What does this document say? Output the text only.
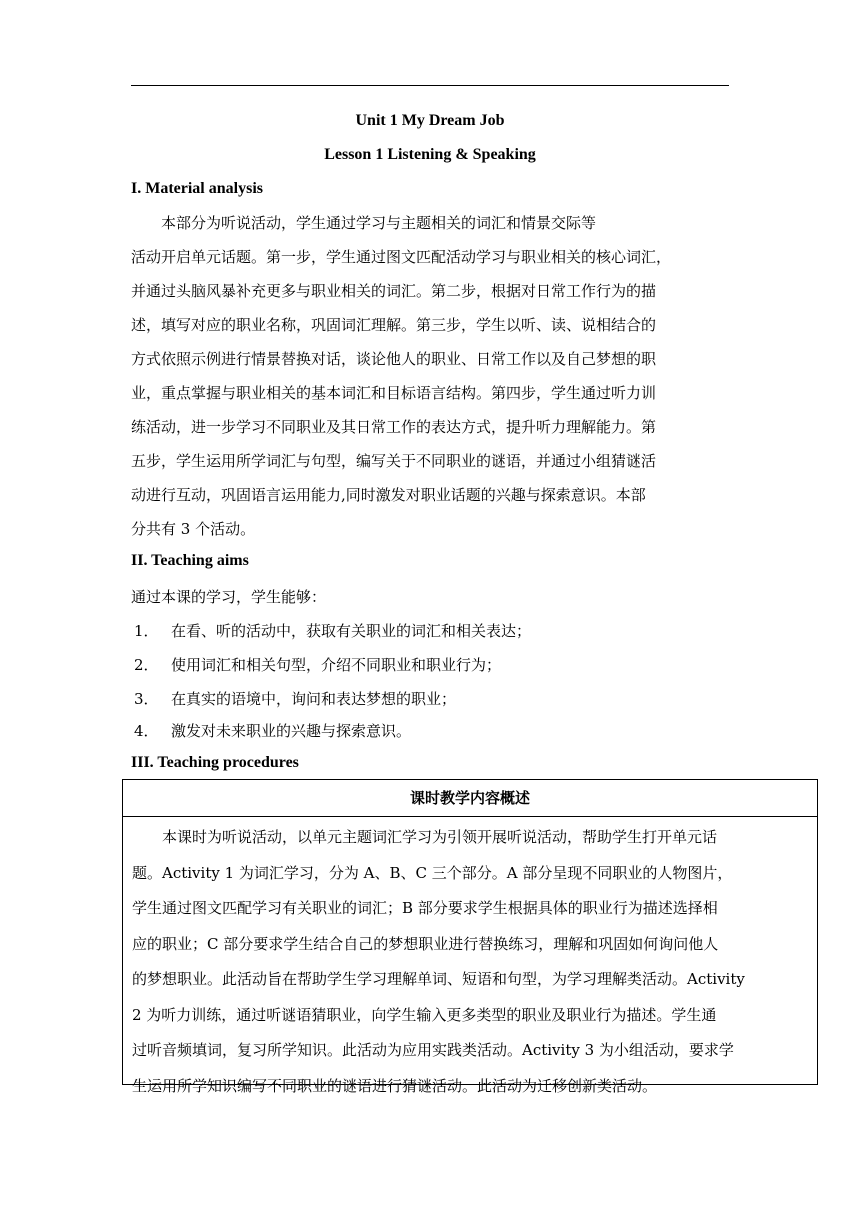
Unit 1 My Dream Job
Lesson 1 Listening & Speaking
I. Material analysis
本部分为听说活动，学生通过学习与主题相关的词汇和情景交际等
活动开启单元话题。第一步，学生通过图文匹配活动学习与职业相关的核心词汇，
并通过头脑风暴补充更多与职业相关的词汇。第二步，根据对日常工作行为的描
述，填写对应的职业名称，巩固词汇理解。第三步，学生以听、读、说相结合的
方式依照示例进行情景替换对话，谈论他人的职业、日常工作以及自己梦想的职
业，重点掌握与职业相关的基本词汇和目标语言结构。第四步，学生通过听力训
练活动，进一步学习不同职业及其日常工作的表达方式，提升听力理解能力。第
五步，学生运用所学词汇与句型，编写关于不同职业的谜语，并通过小组猜谜活
动进行互动，巩固语言运用能力,同时激发对职业话题的兴趣与探索意识。本部
分共有 3 个活动。
II. Teaching aims
通过本课的学习，学生能够：
1． 在看、听的活动中，获取有关职业的词汇和相关表达；
2． 使用词汇和相关句型，介绍不同职业和职业行为；
3． 在真实的语境中，询问和表达梦想的职业；
4． 激发对未来职业的兴趣与探索意识。
III. Teaching procedures
课时教学内容概述
本课时为听说活动，以单元主题词汇学习为引领开展听说活动，帮助学生打开单元话
题。Activity 1 为词汇学习，分为 A、B、C 三个部分。A 部分呈现不同职业的人物图片，
学生通过图文匹配学习有关职业的词汇；B 部分要求学生根据具体的职业行为描述选择相
应的职业；C 部分要求学生结合自己的梦想职业进行替换练习，理解和巩固如何询问他人
的梦想职业。此活动旨在帮助学生学习理解单词、短语和句型，为学习理解类活动。Activity
2 为听力训练，通过听谜语猜职业，向学生输入更多类型的职业及职业行为描述。学生通
过听音频填词，复习所学知识。此活动为应用实践类活动。Activity 3 为小组活动，要求学
生运用所学知识编写不同职业的谜语进行猜谜活动。此活动为迁移创新类活动。
